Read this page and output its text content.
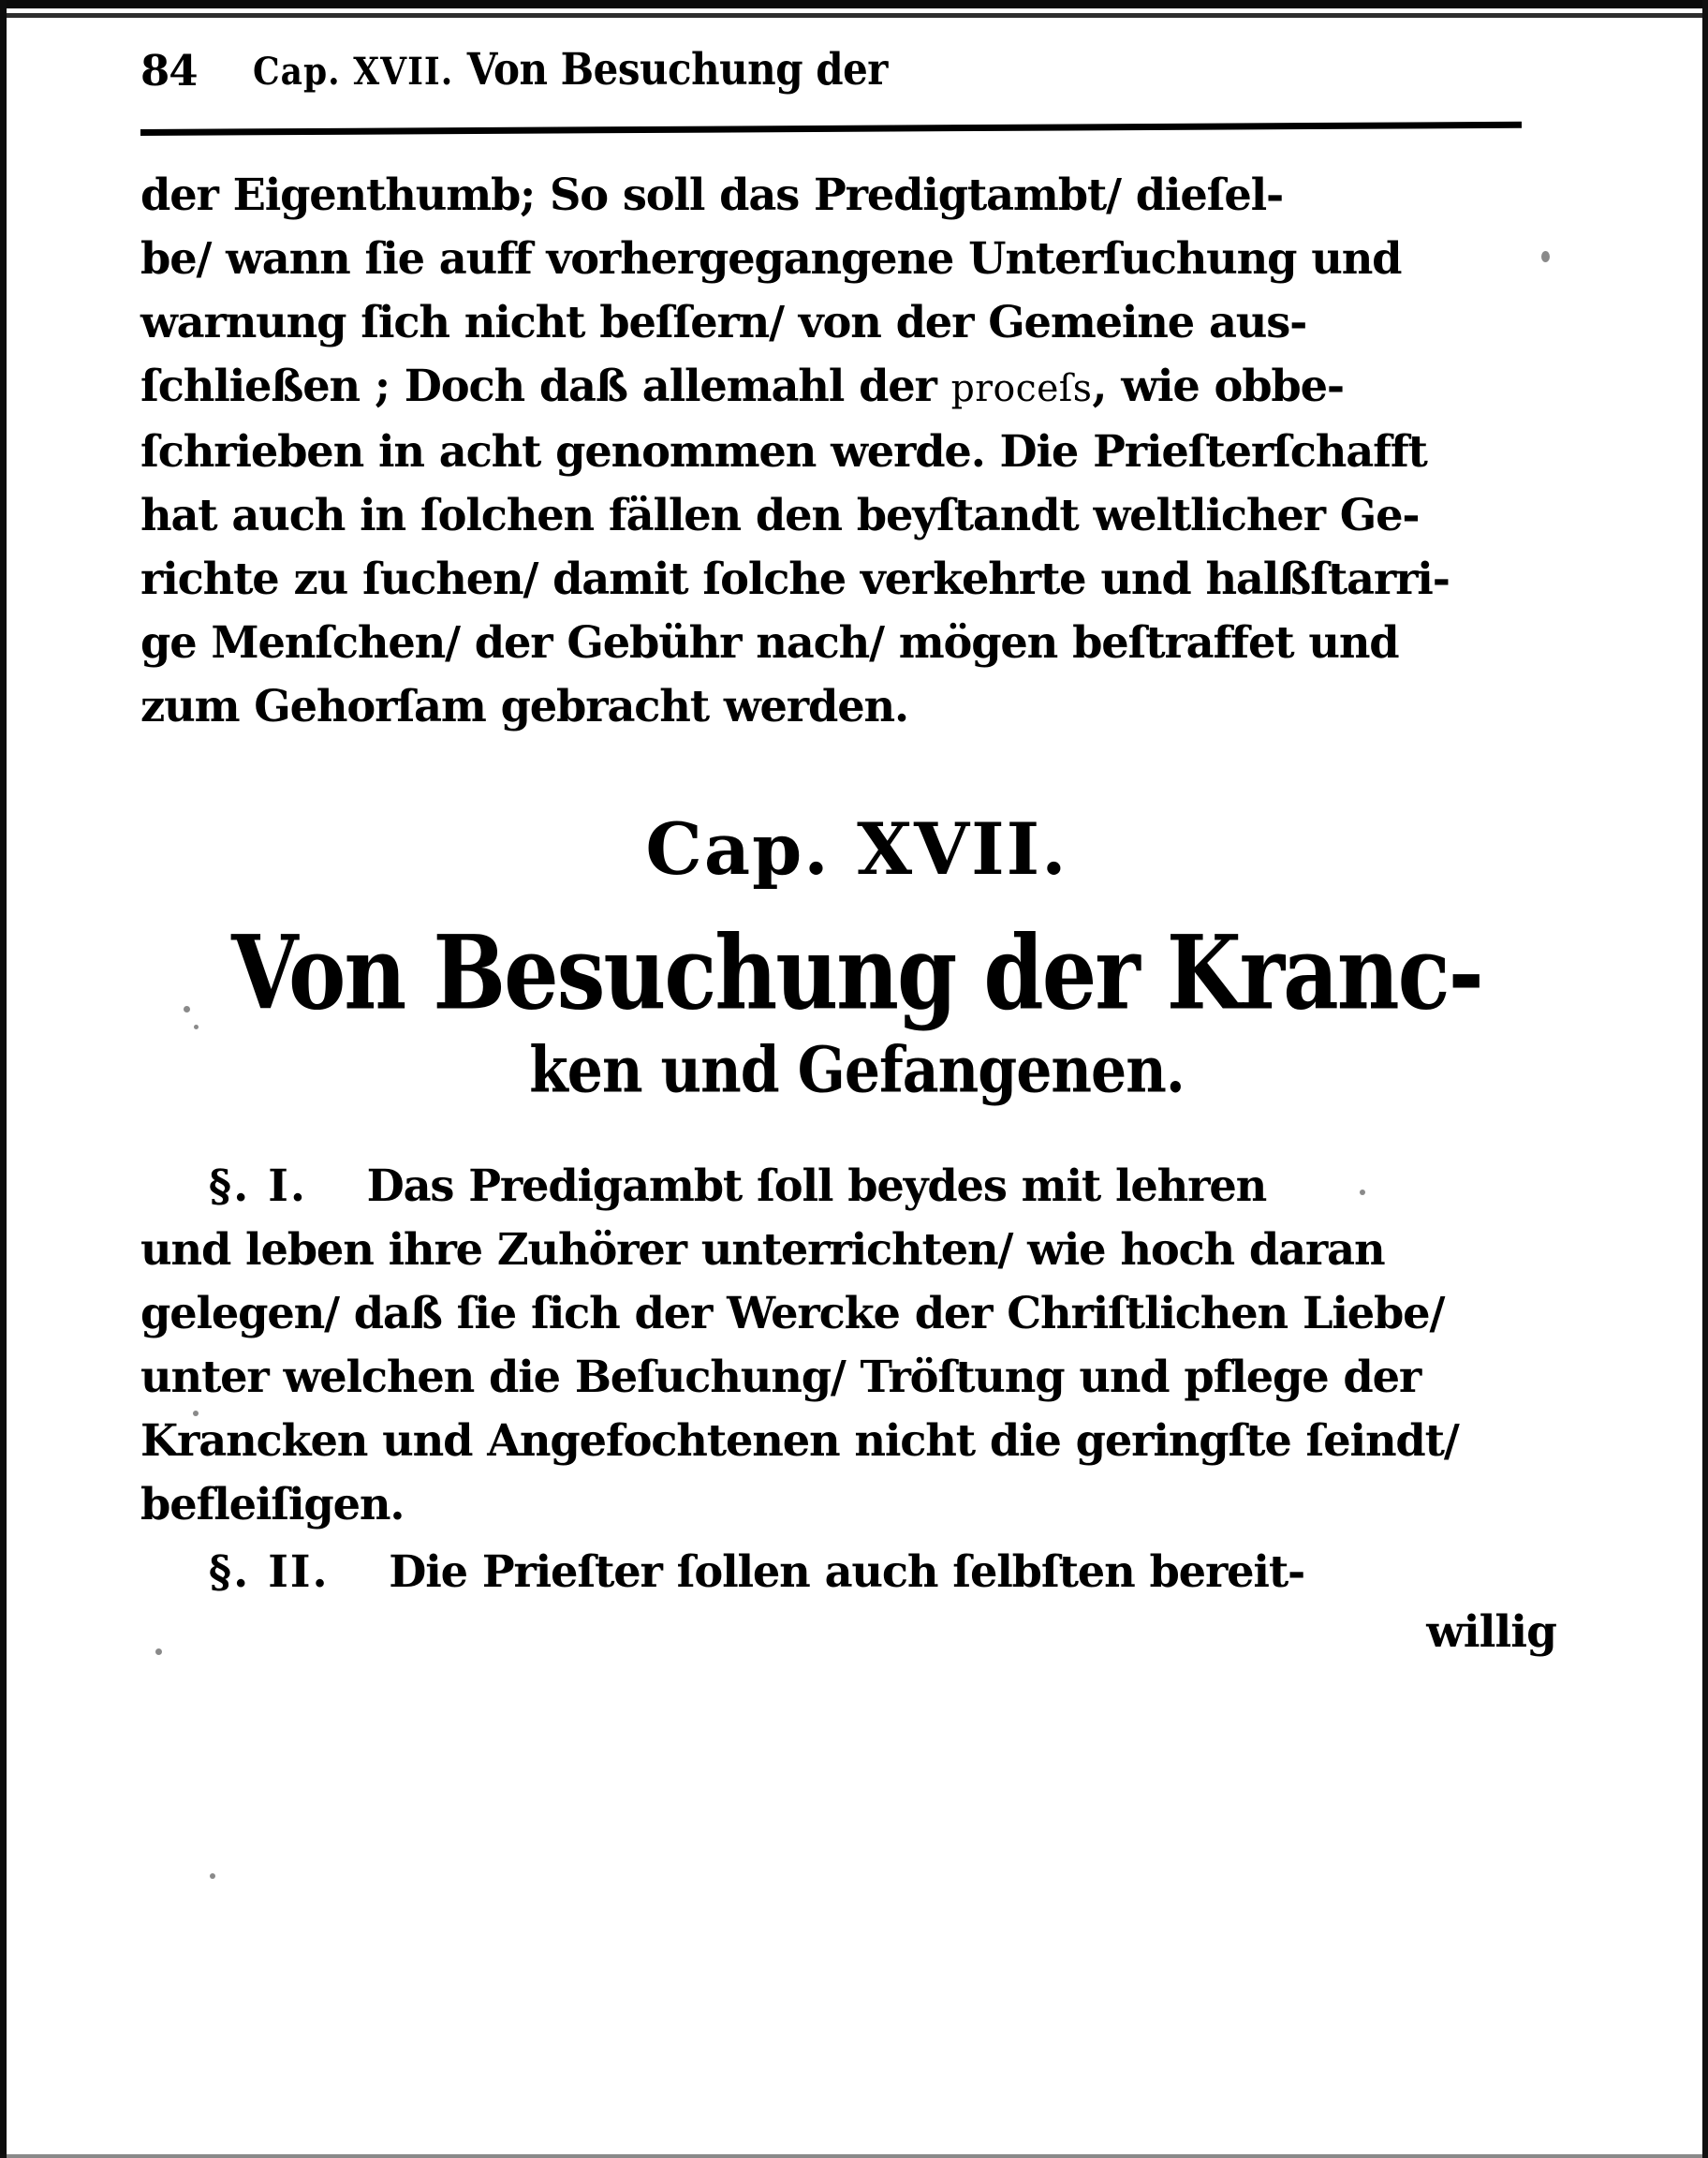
84	Cap. XVII. Von Besuchung der
der Eigenthumb; So soll das Predigtambt/ dieſel‐
be/ wann ſie auff vorhergegangene Unterſuchung und
warnung ſich nicht beſſern/ von der Gemeine aus‐
ſchließen ; Doch daß allemahl der proceſs, wie obbe‐
ſchrieben in acht genommen werde. Die Prieſterſchafft
hat auch in ſolchen fällen den beyſtandt weltlicher Ge‐
richte zu ſuchen/ damit ſolche verkehrte und halßſtarri‐
ge Menſchen/ der Gebühr nach/ mögen beſtraffet und
zum Gehorſam gebracht werden.
Cap. XVII.
Von Besuchung der Kranc‐
ken und Gefangenen.
§. I. Das Predigambt ſoll beydes mit lehren
und leben ihre Zuhörer unterrichten/ wie hoch daran
gelegen/ daß ſie ſich der Wercke der Chriſtlichen Liebe/
unter welchen die Beſuchung/ Tröſtung und pflege der
Krancken und Angefochtenen nicht die geringſte ſeindt/
befleiſigen.
§. II. Die Prieſter ſollen auch ſelbſten bereit‐
willig
